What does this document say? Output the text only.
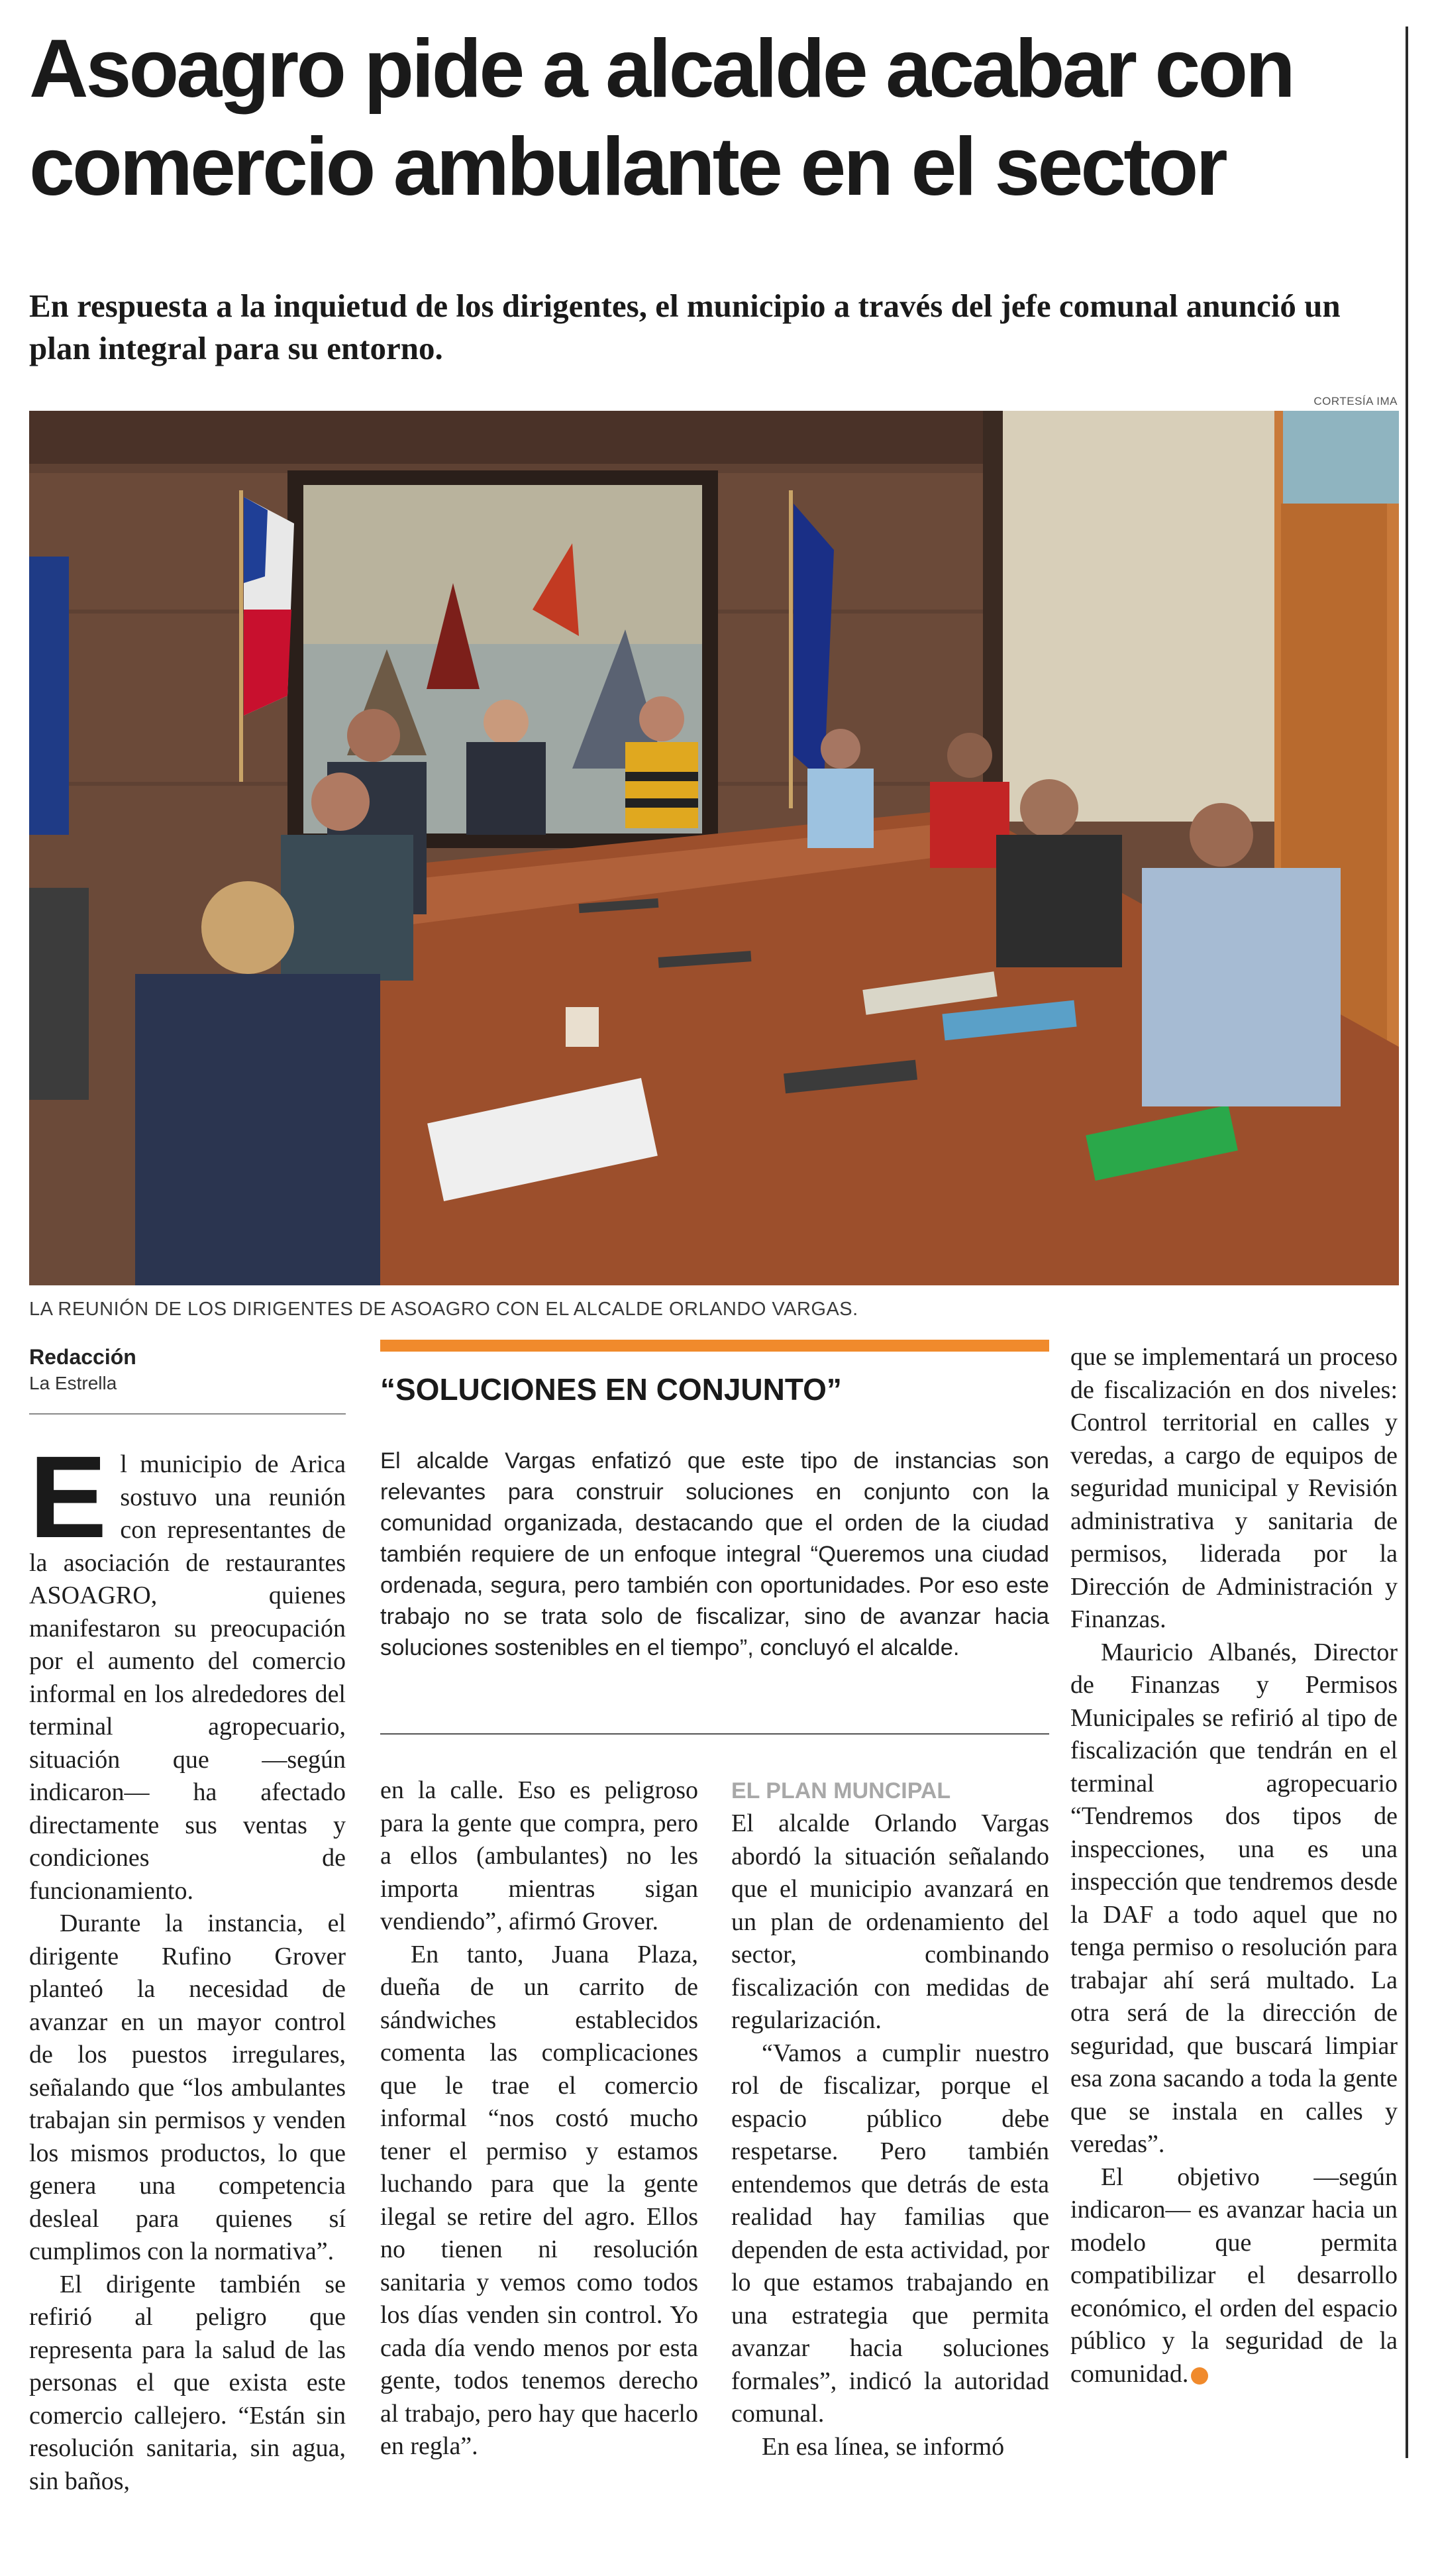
Asoagro pide a alcalde acabar con
comercio ambulante en el sector

En respuesta a la inquietud de los dirigentes, el municipio a través del jefe comunal anunció un plan integral para su entorno.

CORTESÍA IMA
LA REUNIÓN DE LOS DIRIGENTES DE ASOAGRO CON EL ALCALDE ORLANDO VARGAS.
Redacción
La Estrella	“SOLUCIONES EN CONJUNTO”

El alcalde Vargas enfatizó que este tipo de instancias son relevantes para construir soluciones en conjunto con la comunidad organizada, destacando que el orden de la ciudad también requiere de un enfoque integral “Queremos una ciudad ordenada, segura, pero también con oportunidades. Por eso este trabajo no se trata solo de fiscalizar, sino de avanzar hacia soluciones sostenibles en el tiempo”, concluyó el alcalde.

El municipio de Arica sostuvo una reunión con representantes de la asociación de restaurantes ASOAGRO, quienes manifestaron su preocupación por el aumento del comercio informal en los alrededores del terminal agropecuario, situación que —según indicaron— ha afectado directamente sus ventas y condiciones de funcionamiento.

Durante la instancia, el dirigente Rufino Grover planteó la necesidad de avanzar en un mayor control de los puestos irregulares, señalando que “los ambulantes trabajan sin permisos y venden los mismos productos, lo que genera una competencia desleal para quienes sí cumplimos con la normativa”.

El dirigente también se refirió al peligro que representa para la salud de las personas el que exista este comercio callejero. “Están sin resolución sanitaria, sin agua, sin baños,

en la calle. Eso es peligroso para la gente que compra, pero a ellos (ambulantes) no les importa mientras sigan vendiendo”, afirmó Grover.

En tanto, Juana Plaza, dueña de un carrito de sándwiches establecidos comenta las complicaciones que le trae el comercio informal “nos costó mucho tener el permiso y estamos luchando para que la gente ilegal se retire del agro. Ellos no tienen ni resolución sanitaria y vemos como todos los días venden sin control. Yo cada día vendo menos por esta gente, todos tenemos derecho al trabajo, pero hay que hacerlo en regla”.

EL PLAN MUNCIPAL

El alcalde Orlando Vargas abordó la situación señalando que el municipio avanzará en un plan de ordenamiento del sector, combinando fiscalización con medidas de regularización.

“Vamos a cumplir nuestro rol de fiscalizar, porque el espacio público debe respetarse. Pero también entendemos que detrás de esta realidad hay familias que dependen de esta actividad, por lo que estamos trabajando en una estrategia que permita avanzar hacia soluciones formales”, indicó la autoridad comunal.

En esa línea, se informó

que se implementará un proceso de fiscalización en dos niveles: Control territorial en calles y veredas, a cargo de equipos de seguridad municipal y Revisión administrativa y sanitaria de permisos, liderada por la Dirección de Administración y Finanzas.

Mauricio Albanés, Director de Finanzas y Permisos Municipales se refirió al tipo de fiscalización que tendrán en el terminal agropecuario “Tendremos dos tipos de inspecciones, una es una inspección que tendremos desde la DAF a todo aquel que no tenga permiso o resolución para trabajar ahí será multado. La otra será de la dirección de seguridad, que buscará limpiar esa zona sacando a toda la gente que se instala en calles y veredas”.

El objetivo —según indicaron— es avanzar hacia un modelo que permita compatibilizar el desarrollo económico, el orden del espacio público y la seguridad de la comunidad.	◆
